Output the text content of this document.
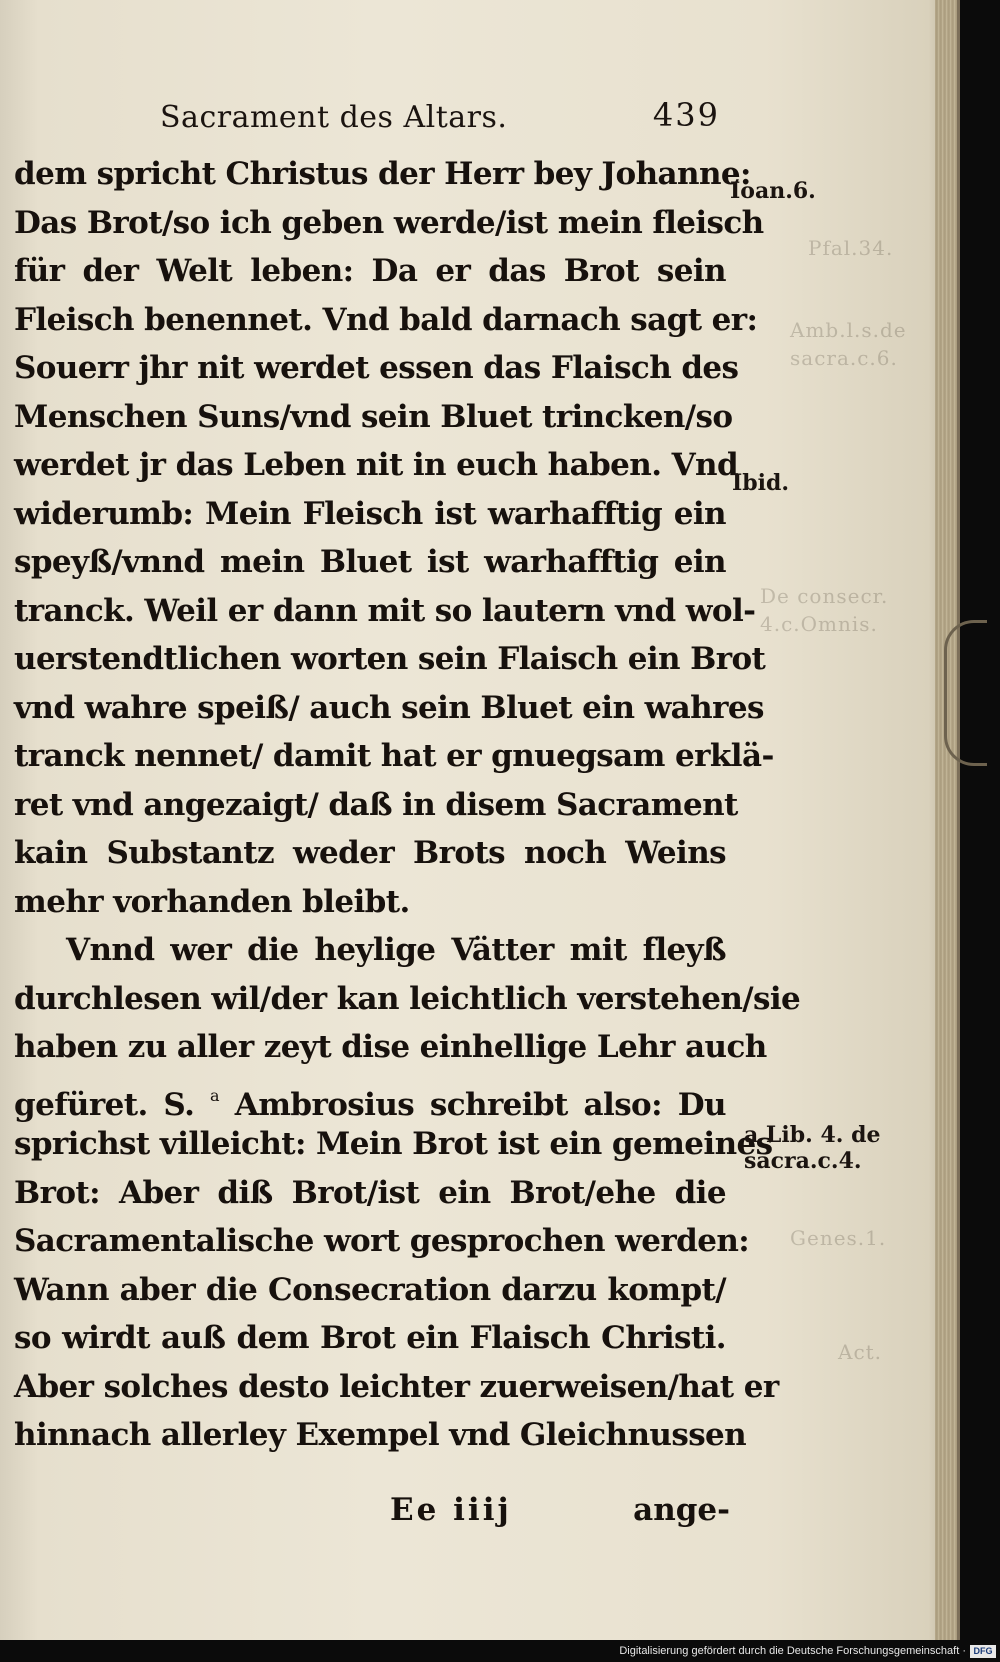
Pfal.34.
Amb.l.s.de
sacra.c.6.
De consecr.
4.c.Omnis.
Genes.1.
Act.
Sacrament des Altars.	439
dem spricht Christus der Herr bey Johanne:
Das Brot/so ich geben werde/ist mein fleisch
für der Welt leben: Da er das Brot sein
Fleisch benennet. Vnd bald darnach sagt er:
Souerr jhr nit werdet essen das Flaisch des
Menschen Suns/vnd sein Bluet trincken/so
werdet jr das Leben nit in euch haben. Vnd
widerumb: Mein Fleisch ist warhafftig ein
speyß/vnnd mein Bluet ist warhafftig ein
tranck. Weil er dann mit so lautern vnd wol-
uerstendtlichen worten sein Flaisch ein Brot
vnd wahre speiß/ auch sein Bluet ein wahres
tranck nennet/ damit hat er gnuegsam erklä-
ret vnd angezaigt/ daß in disem Sacrament
kain Substantz weder Brots noch Weins
mehr vorhanden bleibt.
Vnnd wer die heylige Vätter mit fleyß
durchlesen wil/der kan leichtlich verstehen/sie
haben zu aller zeyt dise einhellige Lehr auch
gefüret. S. $^a$ Ambrosius schreibt also: Du
sprichst villeicht: Mein Brot ist ein gemeines
Brot: Aber diß Brot/ist ein Brot/ehe die
Sacramentalische wort gesprochen werden:
Wann aber die Consecration darzu kompt/
so wirdt auß dem Brot ein Flaisch Christi.
Aber solches desto leichter zuerweisen/hat er
hinnach allerley Exempel vnd Gleichnussen
Ioan.6.
Ibid.
a Lib. 4. de
sacra.c.4.
Ee iiij	ange-
Digitalisierung gefördert durch die Deutsche Forschungsgemeinschaft · DFG
